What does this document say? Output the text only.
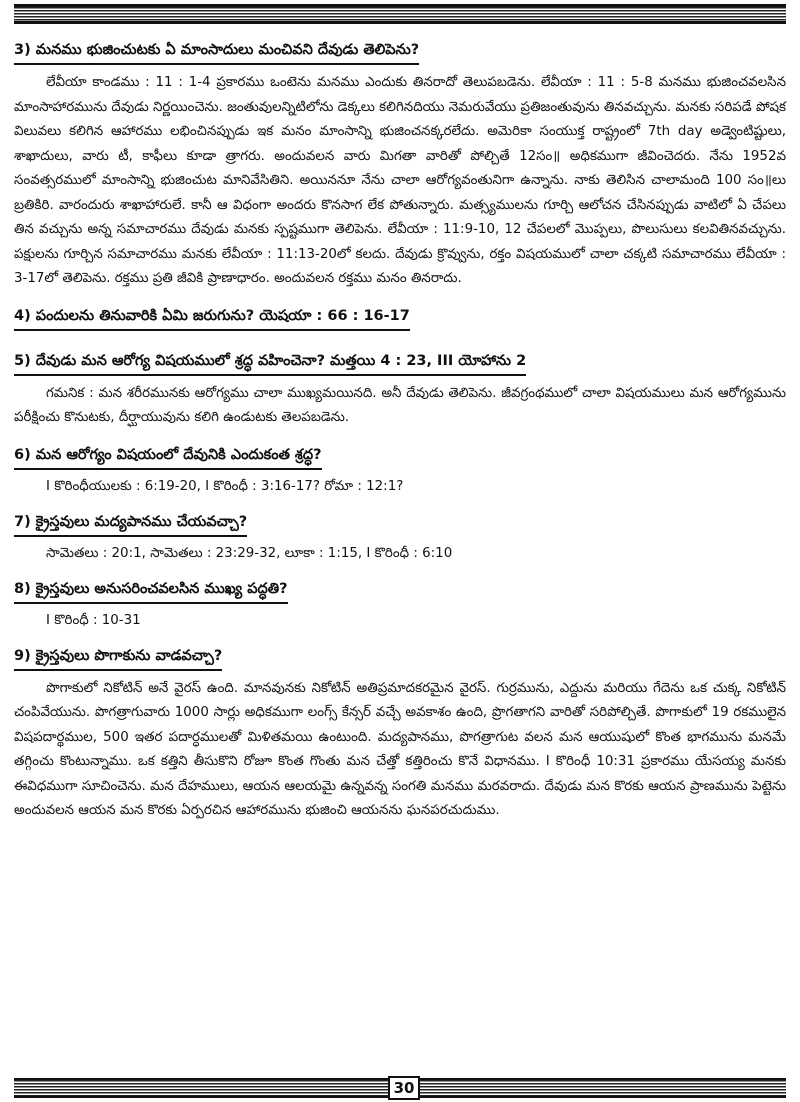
3) మనము భుజించుటకు ఏ మాంసాదులు మంచివని దేవుడు తెలిపెను?

లేవీయా కాండము : 11 : 1-4 ప్రకారము ఒంటెను మనము ఎందుకు తినరాదో తెలుపబడెను. లేవీయా : 11 : 5-8 మనము భుజించవలసిన మాంసాహారమును దేవుడు నిర్ణయించెను. జంతువులన్నిటిలోను డెక్కలు కలిగినదియు నెమరువేయు ప్రతిజంతువును తినవచ్చును. మనకు సరిపడే పోషక విలువలు కలిగిన ఆహారము లభించినప్పుడు ఇక మనం మాంసాన్ని భుజించనక్కరలేదు. అమెరికా సంయుక్త రాష్ట్రంలో 7th day అడ్వెంటిష్టులు, శాఖాదులు, వారు టీ, కాఫీలు కూడా త్రాగరు. అందువలన వారు మిగతా వారితో పోల్చితే 12సం॥ అధికముగా జీవించెదరు. నేను 1952వ సంవత్సరములో మాంసాన్ని భుజించుట మానివేసితిని. అయిననూ నేను చాలా ఆరోగ్యవంతునిగా ఉన్నాను. నాకు తెలిసిన చాలామంది 100 సం॥లు బ్రతికిరి. వారందురు శాఖాహారులే. కానీ ఆ విధంగా అందరు కొనసాగ లేక పోతున్నారు. మత్స్యములను గూర్చి ఆలోచన చేసినప్పుడు వాటిలో ఏ చేపలు తిన వచ్చును అన్న సమాచారము దేవుడు మనకు స్పష్టముగా తెలిపెను. లేవీయా : 11:9-10, 12 చేపలలో మొప్పలు, పొలుసులు కలవితినవచ్చును. పక్షులను గూర్చిన సమాచారము మనకు లేవీయా : 11:13-20లో కలదు. దేవుడు క్రొవ్వును, రక్తం విషయములో చాలా చక్కటి సమాచారము లేవీయా : 3-17లో తెలిపెను. రక్తము ప్రతి జీవికి ప్రాణాధారం. అందువలన రక్తము మనం తినరాదు.

4) పందులను తినువారికి ఏమి జరుగును? యెషయా : 66 : 16-17 5) దేవుడు మన ఆరోగ్య విషయములో శ్రద్ధ వహించెనా? మత్తయి 4 : 23, III యోహాను 2

గమనిక : మన శరీరమునకు ఆరోగ్యము చాలా ముఖ్యమయినది. అనీ దేవుడు తెలిపెను. జీవగ్రంథములో చాలా విషయములు మన ఆరోగ్యమును పరీక్షించు కొనుటకు, దీర్ఘాయువును కలిగి ఉండుటకు తెలపబడెను.

6) మన ఆరోగ్యం విషయంలో దేవునికి ఎందుకంత శ్రద్ధ?

I కొరింధీయులకు : 6:19-20, I కొరింధీ : 3:16-17? రోమా : 12:1?

7) క్రైస్తవులు మద్యపానము చేయవచ్చా?

సామెతలు : 20:1, సామెతలు : 23:29-32, లూకా : 1:15, I కొరింధీ : 6:10

8) క్రైస్తవులు అనుసరించవలసిన ముఖ్య పద్ధతి?

I కొరింధీ : 10-31

9) క్రైస్తవులు పొగాకును వాడవచ్చా?

పొగాకులో నికోటిన్ అనే వైరస్ ఉంది. మానవునకు నికోటిన్ అతిప్రమాదకరమైన వైరస్. గుర్రమును, ఎద్దును మరియు గేదెను ఒక చుక్క నికోటిన్ చంపివేయును. పొగత్రాగువారు 1000 సార్లు అధికముగా లంగ్స్ కేన్సర్ వచ్చే అవకాశం ఉంది, ప్రొగతాగని వారితో సరిపోల్చితే. పొగాకులో 19 రకములైన విషపదార్థముల, 500 ఇతర పదార్ధములతో మిళితమయి ఉంటుంది. మద్యపానము, పొగత్రాగుట వలన మన ఆయుషులో కొంత భాగమును మనమే తగ్గించు కొంటున్నాము. ఒక కత్తిని తీసుకొని రోజూ కొంత గొంతు మన చేత్తో కత్తిరించు కొనే విధానము. I కొరింధీ 10:31 ప్రకారము యేసయ్య మనకు ఈవిధముగా సూచించెను. మన దేహములు, ఆయన ఆలయమై ఉన్నవన్న సంగతి మనము మరవరాదు. దేవుడు మన కొరకు ఆయన ప్రాణమును పెట్టెను అందువలన ఆయన మన కొరకు ఏర్పరచిన ఆహారమును భుజించి ఆయనను ఘనపరచుదుము.

30
